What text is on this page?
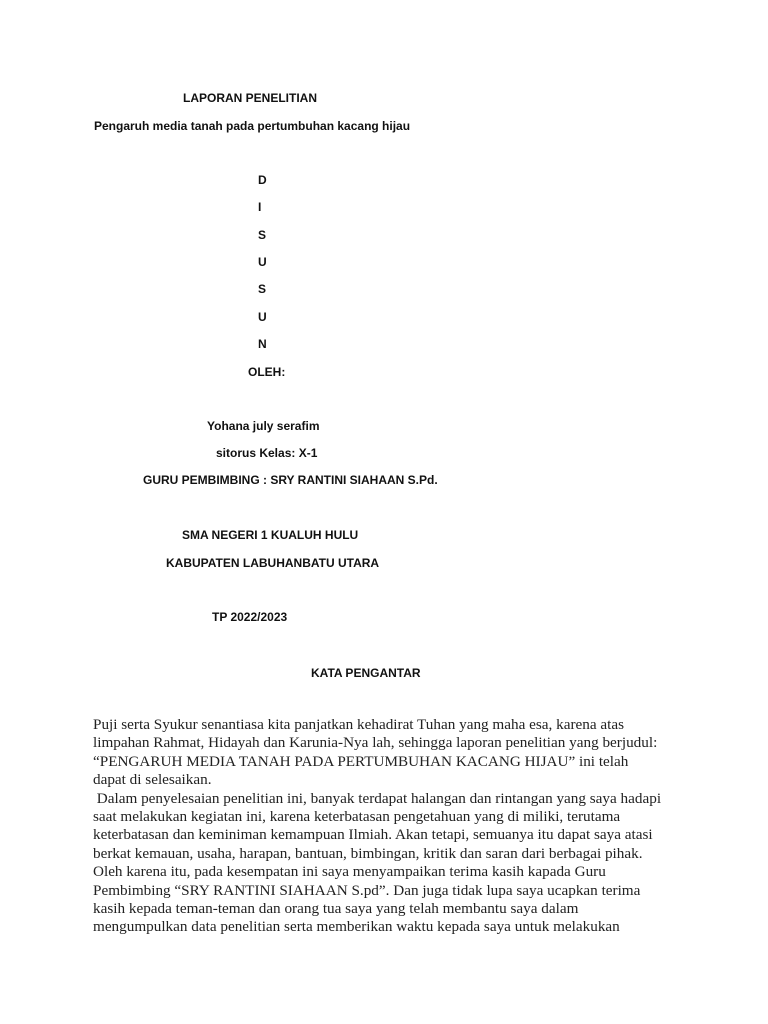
LAPORAN PENELITIAN
Pengaruh media tanah pada pertumbuhan kacang hijau
D
I
S
U
S
U
N
OLEH:
Yohana july serafim
sitorus Kelas: X-1
GURU PEMBIMBING : SRY RANTINI SIAHAAN S.Pd.
SMA NEGERI 1 KUALUH HULU
KABUPATEN LABUHANBATU UTARA
TP 2022/2023
KATA PENGANTAR
Puji serta Syukur senantiasa kita panjatkan kehadirat Tuhan yang maha esa, karena atas
limpahan Rahmat, Hidayah dan Karunia-Nya lah, sehingga laporan penelitian yang berjudul:
“PENGARUH MEDIA TANAH PADA PERTUMBUHAN KACANG HIJAU” ini telah
dapat di selesaikan.
Dalam penyelesaian penelitian ini, banyak terdapat halangan dan rintangan yang saya hadapi
saat melakukan kegiatan ini, karena keterbatasan pengetahuan yang di miliki, terutama
keterbatasan dan keminiman kemampuan Ilmiah. Akan tetapi, semuanya itu dapat saya atasi
berkat kemauan, usaha, harapan, bantuan, bimbingan, kritik dan saran dari berbagai pihak.
Oleh karena itu, pada kesempatan ini saya menyampaikan terima kasih kapada Guru
Pembimbing “SRY RANTINI SIAHAAN S.pd”. Dan juga tidak lupa saya ucapkan terima
kasih kepada teman-teman dan orang tua saya yang telah membantu saya dalam
mengumpulkan data penelitian serta memberikan waktu kepada saya untuk melakukan
